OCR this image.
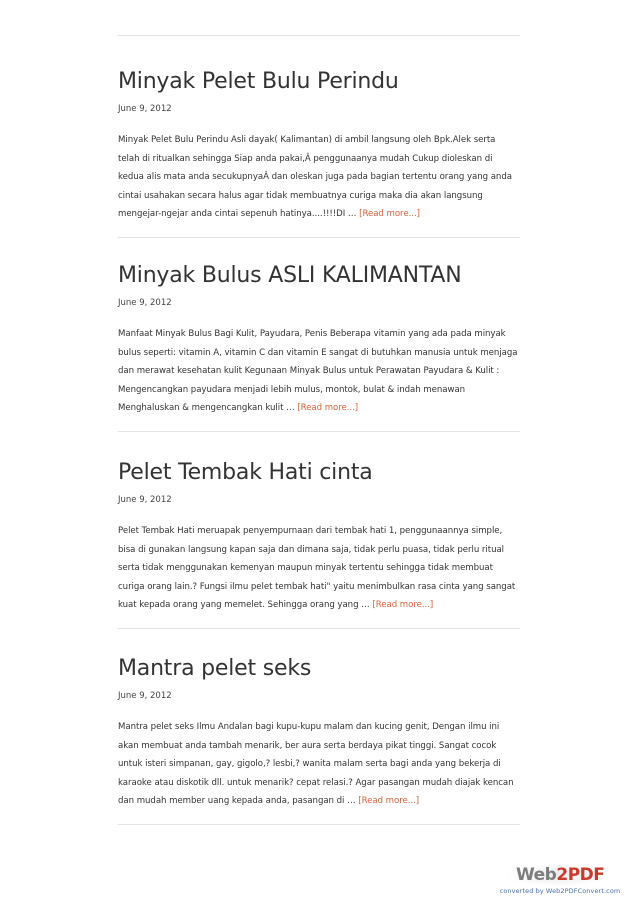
Minyak Pelet Bulu Perindu
June 9, 2012
Minyak Pelet Bulu Perindu Asli dayak( Kalimantan) di ambil langsung oleh Bpk.Alek serta telah di ritualkan sehingga Siap anda pakai,Â penggunaanya mudah Cukup dioleskan di kedua alis mata anda secukupnyaÂ dan oleskan juga pada bagian tertentu orang yang anda cintai usahakan secara halus agar tidak membuatnya curiga maka dia akan langsung mengejar-ngejar anda cintai sepenuh hatinya....!!!!DI … [Read more...]
Minyak Bulus ASLI KALIMANTAN
June 9, 2012
Manfaat Minyak Bulus Bagi Kulit, Payudara, Penis Beberapa vitamin yang ada pada minyak bulus seperti: vitamin A, vitamin C dan vitamin E sangat di butuhkan manusia untuk menjaga dan merawat kesehatan kulit Kegunaan Minyak Bulus untuk Perawatan Payudara & Kulit : Mengencangkan payudara menjadi lebih mulus, montok, bulat & indah menawan Menghaluskan & mengencangkan kulit … [Read more...]
Pelet Tembak Hati cinta
June 9, 2012
Pelet Tembak Hati meruapak penyempurnaan dari tembak hati 1, penggunaannya simple, bisa di gunakan langsung kapan saja dan dimana saja, tidak perlu puasa, tidak perlu ritual serta tidak menggunakan kemenyan maupun minyak tertentu sehingga tidak membuat curiga orang lain.? Fungsi ilmu pelet tembak hati" yaitu menimbulkan rasa cinta yang sangat kuat kepada orang yang memelet. Sehingga orang yang … [Read more...]
Mantra pelet seks
June 9, 2012
Mantra pelet seks Ilmu Andalan bagi kupu-kupu malam dan kucing genit, Dengan ilmu ini akan membuat anda tambah menarik, ber aura serta berdaya pikat tinggi. Sangat cocok untuk isteri simpanan, gay, gigolo,? lesbi,? wanita malam serta bagi anda yang bekerja di karaoke atau diskotik dll. untuk menarik? cepat relasi.? Agar pasangan mudah diajak kencan dan mudah member uang kepada anda, pasangan di … [Read more...]
Web2PDF
converted by Web2PDFConvert.com
